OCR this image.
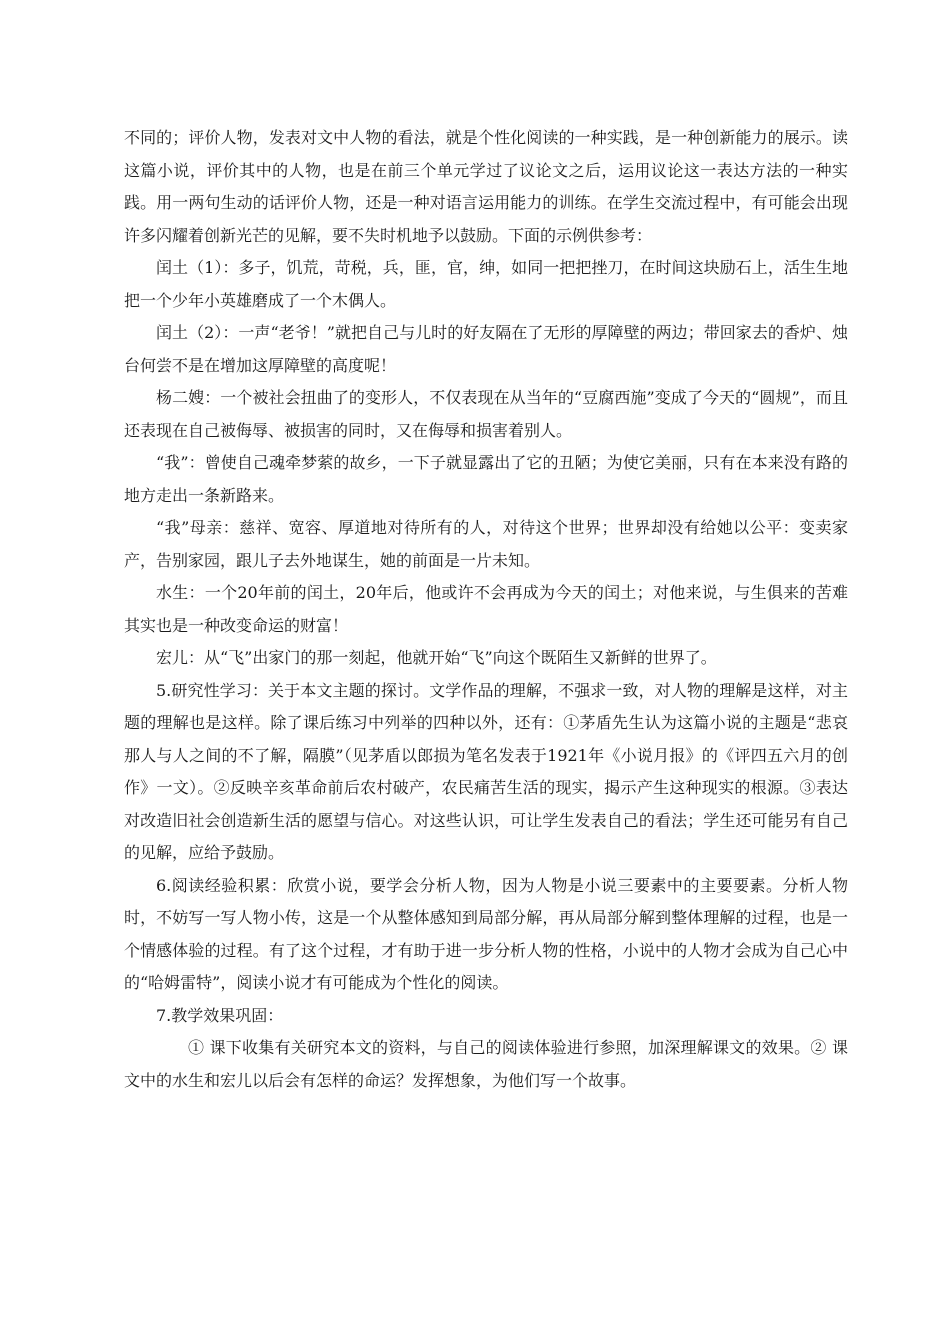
不同的；评价人物，发表对文中人物的看法，就是个性化阅读的一种实践，是一种创新能力的展示。读这篇小说，评价其中的人物，也是在前三个单元学过了议论文之后，运用议论这一表达方法的一种实践。用一两句生动的话评价人物，还是一种对语言运用能力的训练。在学生交流过程中，有可能会出现许多闪耀着创新光芒的见解，要不失时机地予以鼓励。下面的示例供参考：

闰土（1）：多子，饥荒，苛税，兵，匪，官，绅，如同一把把挫刀，在时间这块励石上，活生生地把一个少年小英雄磨成了一个木偶人。

闰土（2）：一声“老爷！”就把自己与儿时的好友隔在了无形的厚障壁的两边；带回家去的香炉、烛台何尝不是在增加这厚障壁的高度呢！

杨二嫂：一个被社会扭曲了的变形人，不仅表现在从当年的“豆腐西施”变成了今天的“圆规”，而且还表现在自己被侮辱、被损害的同时，又在侮辱和损害着别人。

“我”：曾使自己魂牵梦萦的故乡，一下子就显露出了它的丑陋；为使它美丽，只有在本来没有路的地方走出一条新路来。

“我”母亲：慈祥、宽容、厚道地对待所有的人，对待这个世界；世界却没有给她以公平：变卖家产，告别家园，跟儿子去外地谋生，她的前面是一片未知。

水生：一个20年前的闰土，20年后，他或许不会再成为今天的闰土；对他来说，与生俱来的苦难其实也是一种改变命运的财富！

宏儿：从“飞”出家门的那一刻起，他就开始“飞”向这个既陌生又新鲜的世界了。

5.研究性学习：关于本文主题的探讨。文学作品的理解，不强求一致，对人物的理解是这样，对主题的理解也是这样。除了课后练习中列举的四种以外，还有：①茅盾先生认为这篇小说的主题是“悲哀那人与人之间的不了解，隔膜”（见茅盾以郎损为笔名发表于1921年《小说月报》的《评四五六月的创作》一文）。②反映辛亥革命前后农村破产，农民痛苦生活的现实，揭示产生这种现实的根源。③表达对改造旧社会创造新生活的愿望与信心。对这些认识，可让学生发表自己的看法；学生还可能另有自己的见解，应给予鼓励。

6.阅读经验积累：欣赏小说，要学会分析人物，因为人物是小说三要素中的主要要素。分析人物时，不妨写一写人物小传，这是一个从整体感知到局部分解，再从局部分解到整体理解的过程，也是一个情感体验的过程。有了这个过程，才有助于进一步分析人物的性格，小说中的人物才会成为自己心中的“哈姆雷特”，阅读小说才有可能成为个性化的阅读。

7.教学效果巩固：

① 课下收集有关研究本文的资料，与自己的阅读体验进行参照，加深理解课文的效果。② 课文中的水生和宏儿以后会有怎样的命运？发挥想象，为他们写一个故事。
